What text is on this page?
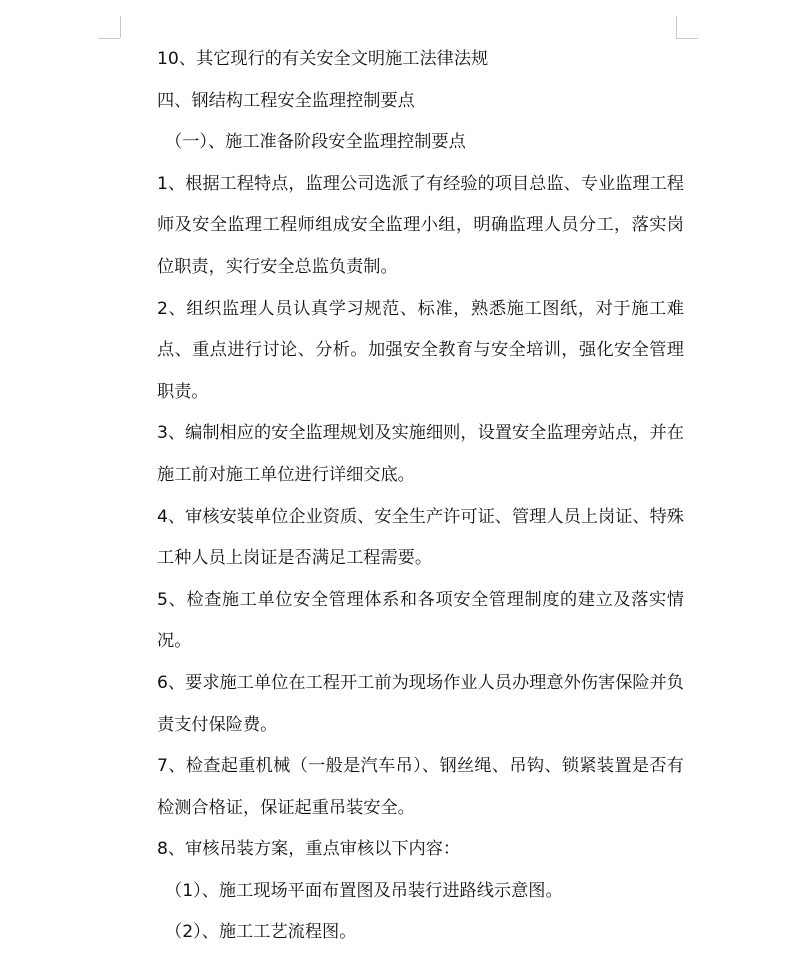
10、其它现行的有关安全文明施工法律法规

四、钢结构工程安全监理控制要点

（一）、施工准备阶段安全监理控制要点

1、根据工程特点，监理公司选派了有经验的项目总监、专业监理工程师及安全监理工程师组成安全监理小组，明确监理人员分工，落实岗位职责，实行安全总监负责制。

2、组织监理人员认真学习规范、标准，熟悉施工图纸，对于施工难点、重点进行讨论、分析。加强安全教育与安全培训，强化安全管理职责。

3、编制相应的安全监理规划及实施细则，设置安全监理旁站点，并在施工前对施工单位进行详细交底。

4、审核安装单位企业资质、安全生产许可证、管理人员上岗证、特殊工种人员上岗证是否满足工程需要。

5、检查施工单位安全管理体系和各项安全管理制度的建立及落实情况。

6、要求施工单位在工程开工前为现场作业人员办理意外伤害保险并负责支付保险费。

7、检查起重机械（一般是汽车吊）、钢丝绳、吊钩、锁紧装置是否有检测合格证，保证起重吊装安全。

8、审核吊装方案，重点审核以下内容：

（1）、施工现场平面布置图及吊装行进路线示意图。

（2）、施工工艺流程图。
